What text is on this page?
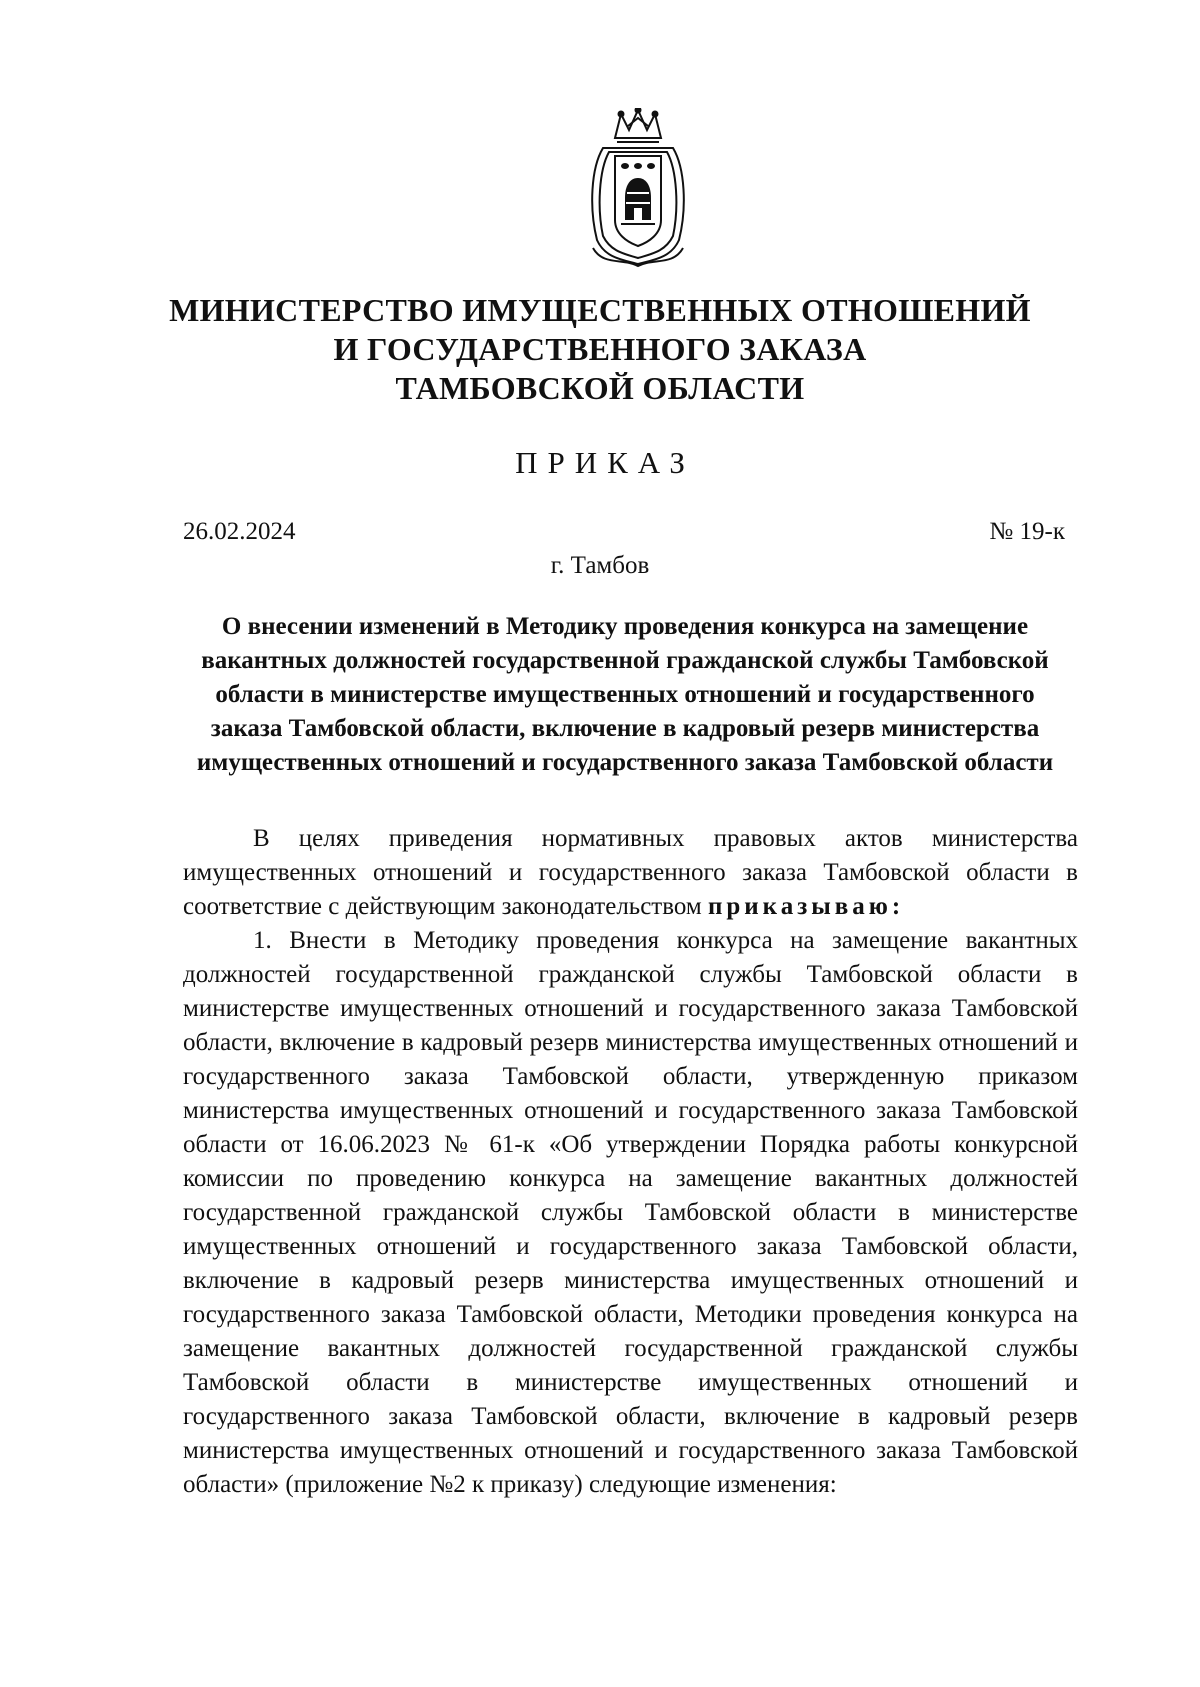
МИНИСТЕРСТВО ИМУЩЕСТВЕННЫХ ОТНОШЕНИЙ
И ГОСУДАРСТВЕННОГО ЗАКАЗА
ТАМБОВСКОЙ ОБЛАСТИ
ПРИКАЗ
26.02.2024	№ 19-к
г. Тамбов
О внесении изменений в Методику проведения конкурса на замещение вакантных должностей государственной гражданской службы Тамбовской области в министерстве имущественных отношений и государственного заказа Тамбовской области, включение в кадровый резерв министерства имущественных отношений и государственного заказа Тамбовской области
В целях приведения нормативных правовых актов министерства имущественных отношений и государственного заказа Тамбовской области в соответствие с действующим законодательством приказываю:
1. Внести в Методику проведения конкурса на замещение вакантных должностей государственной гражданской службы Тамбовской области в министерстве имущественных отношений и государственного заказа Тамбовской области, включение в кадровый резерв министерства имущественных отношений и государственного заказа Тамбовской области, утвержденную приказом министерства имущественных отношений и государственного заказа Тамбовской области от 16.06.2023 № 61-к «Об утверждении Порядка работы конкурсной комиссии по проведению конкурса на замещение вакантных должностей государственной гражданской службы Тамбовской области в министерстве имущественных отношений и государственного заказа Тамбовской области, включение в кадровый резерв министерства имущественных отношений и государственного заказа Тамбовской области, Методики проведения конкурса на замещение вакантных должностей государственной гражданской службы Тамбовской области в министерстве имущественных отношений и государственного заказа Тамбовской области, включение в кадровый резерв министерства имущественных отношений и государственного заказа Тамбовской области» (приложение №2 к приказу) следующие изменения:
